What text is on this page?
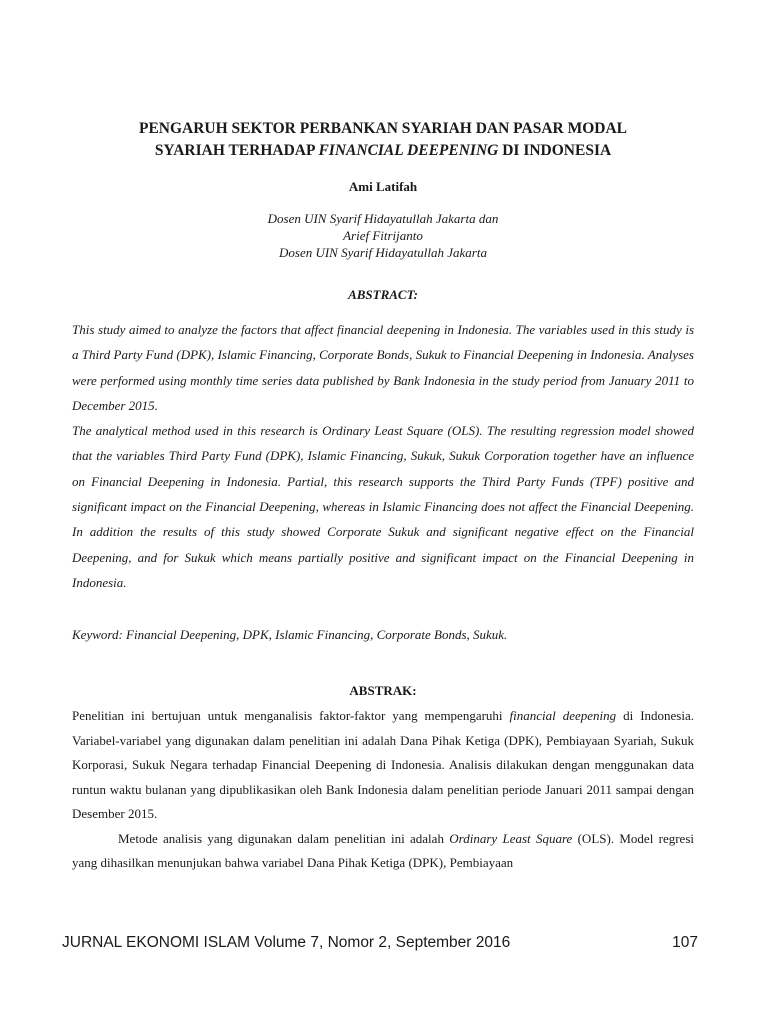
PENGARUH SEKTOR PERBANKAN SYARIAH DAN PASAR MODAL
SYARIAH TERHADAP FINANCIAL DEEPENING DI INDONESIA

Ami Latifah

Dosen UIN Syarif Hidayatullah Jakarta dan
Arief Fitrijanto
Dosen UIN Syarif Hidayatullah Jakarta

ABSTRACT:

This study aimed to analyze the factors that affect financial deepening in Indonesia. The variables used in this study is a Third Party Fund (DPK), Islamic Financing, Corporate Bonds, Sukuk to Financial Deepening in Indonesia. Analyses were performed using monthly time series data published by Bank Indonesia in the study period from January 2011 to December 2015.

The analytical method used in this research is Ordinary Least Square (OLS). The resulting regression model showed that the variables Third Party Fund (DPK), Islamic Financing, Sukuk, Sukuk Corporation together have an influence on Financial Deepening in Indonesia. Partial, this research supports the Third Party Funds (TPF) positive and significant impact on the Financial Deepening, whereas in Islamic Financing does not affect the Financial Deepening. In addition the results of this study showed Corporate Sukuk and significant negative effect on the Financial Deepening, and for Sukuk which means partially positive and significant impact on the Financial Deepening in Indonesia.

Keyword: Financial Deepening, DPK, Islamic Financing, Corporate Bonds, Sukuk.

ABSTRAK:

Penelitian ini bertujuan untuk menganalisis faktor-faktor yang mempengaruhi financial deepening di Indonesia. Variabel-variabel yang digunakan dalam penelitian ini adalah Dana Pihak Ketiga (DPK), Pembiayaan Syariah, Sukuk Korporasi, Sukuk Negara terhadap Financial Deepening di Indonesia. Analisis dilakukan dengan menggunakan data runtun waktu bulanan yang dipublikasikan oleh Bank Indonesia dalam penelitian periode Januari 2011 sampai dengan Desember 2015.

Metode analisis yang digunakan dalam penelitian ini adalah Ordinary Least Square (OLS). Model regresi yang dihasilkan menunjukan bahwa variabel Dana Pihak Ketiga (DPK), Pembiayaan

JURNAL EKONOMI ISLAM Volume 7, Nomor 2, September 2016	107
